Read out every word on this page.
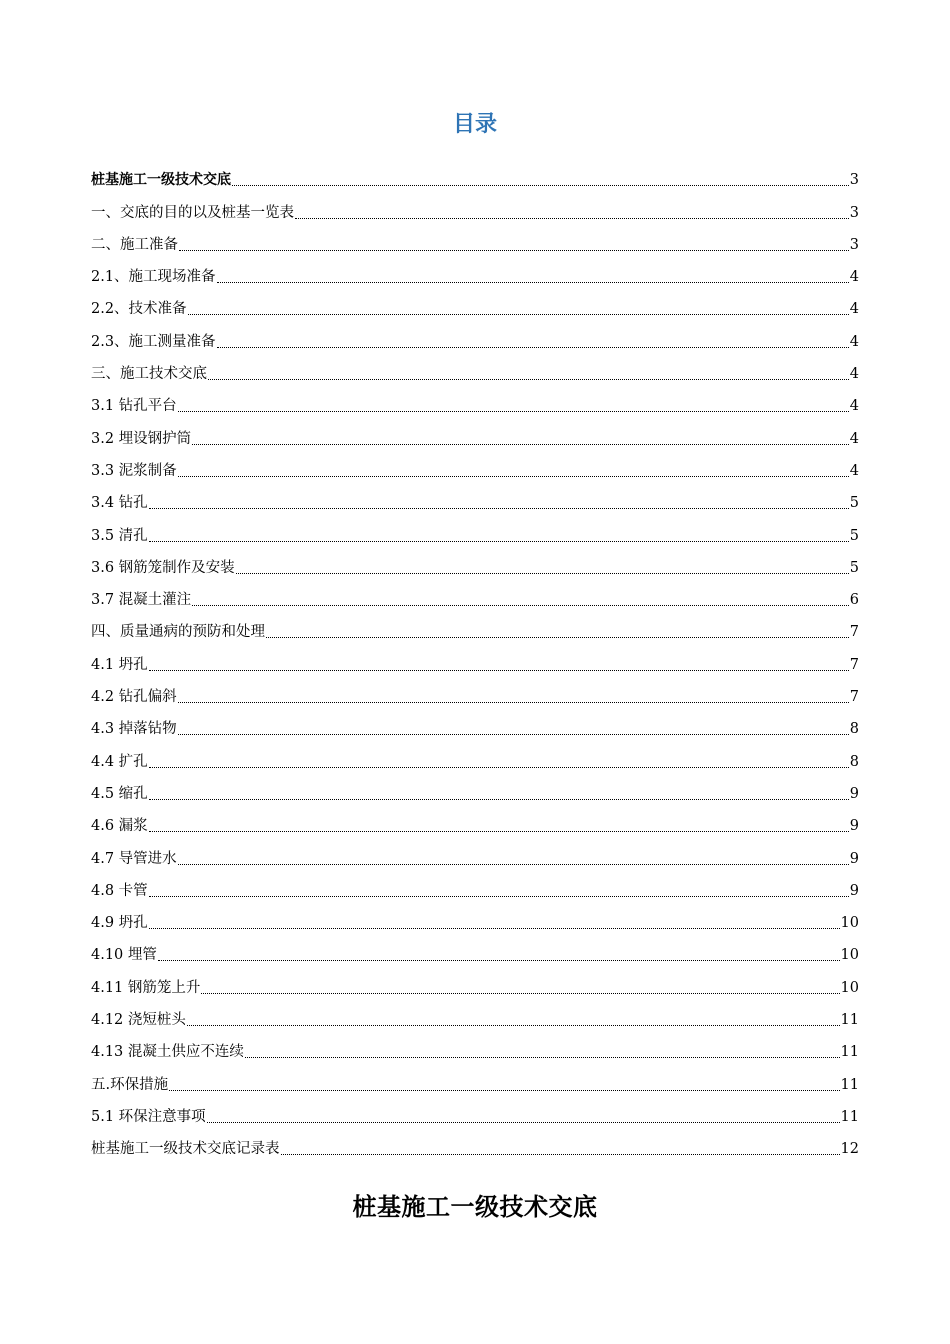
目录
桩基施工一级技术交底	3
一、交底的目的以及桩基一览表	3
二、施工准备	3
2.1、施工现场准备	4
2.2、技术准备	4
2.3、施工测量准备	4
三、施工技术交底	4
3.1 钻孔平台	4
3.2 埋设钢护筒	4
3.3 泥浆制备	4
3.4 钻孔	5
3.5 清孔	5
3.6 钢筋笼制作及安装	5
3.7 混凝土灌注	6
四、质量通病的预防和处理	7
4.1 坍孔	7
4.2 钻孔偏斜	7
4.3 掉落钻物	8
4.4 扩孔	8
4.5 缩孔	9
4.6 漏浆	9
4.7 导管进水	9
4.8 卡管	9
4.9 坍孔	10
4.10 埋管	10
4.11 钢筋笼上升	10
4.12 浇短桩头	11
4.13 混凝土供应不连续	11
五.环保措施	11
5.1 环保注意事项	11
桩基施工一级技术交底记录表	12
桩基施工一级技术交底
